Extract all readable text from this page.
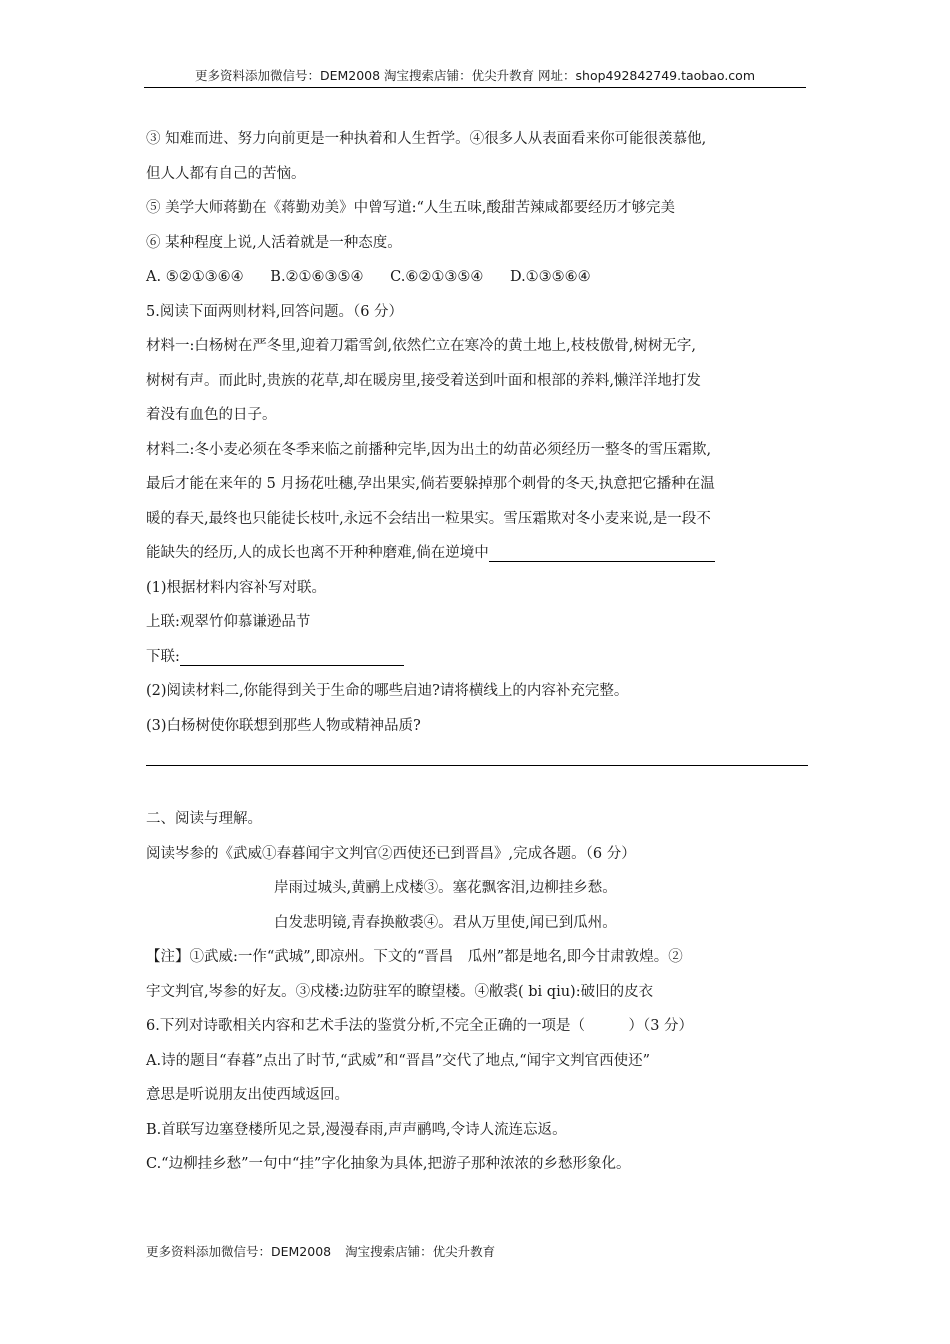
更多资料添加微信号：DEM2008 淘宝搜索店铺：优尖升教育 网址：shop492842749.taobao.com
③ 知难而进、努力向前更是一种执着和人生哲学。④很多人从表面看来你可能很羡慕他,
但人人都有自己的苦恼。
⑤ 美学大师蒋勤在《蒋勤劝美》中曾写道:“人生五味,酸甜苦辣咸都要经历才够完美
⑥ 某种程度上说,人活着就是一种态度。
A. ⑤②①③⑥④ B.②①⑥③⑤④ C.⑥②①③⑤④ D.①③⑤⑥④
5.阅读下面两则材料,回答问题。（6 分）
材料一:白杨树在严冬里,迎着刀霜雪剑,依然伫立在寒冷的黄土地上,枝枝傲骨,树树无字,
树树有声。而此时,贵族的花草,却在暖房里,接受着送到叶面和根部的养料,懒洋洋地打发
着没有血色的日子。
材料二:冬小麦必须在冬季来临之前播种完毕,因为出土的幼苗必须经历一整冬的雪压霜欺,
最后才能在来年的 5 月扬花吐穗,孕出果实,倘若要躲掉那个刺骨的冬天,执意把它播种在温
暖的春天,最终也只能徒长枝叶,永远不会结出一粒果实。雪压霜欺对冬小麦来说,是一段不
能缺失的经历,人的成长也离不开种种磨难,倘在逆境中
(1)根据材料内容补写对联。
上联:观翠竹仰慕谦逊品节
下联:
(2)阅读材料二,你能得到关于生命的哪些启迪?请将横线上的内容补充完整。
(3)白杨树使你联想到那些人物或精神品质?
二、阅读与理解。
阅读岑参的《武威①春暮闻宇文判官②西使还已到晋昌》,完成各题。（6 分）
岸雨过城头,黄鹂上戍楼③。塞花飘客泪,边柳挂乡愁。
白发悲明镜,青春换敝裘④。君从万里使,闻已到瓜州。
【注】①武威:一作“武城”,即凉州。下文的“晋昌　瓜州”都是地名,即今甘肃敦煌。②
宇文判官,岑参的好友。③戍楼:边防驻军的瞭望楼。④敝裘( bi qiu):破旧的皮衣
6.下列对诗歌相关内容和艺术手法的鉴赏分析,不完全正确的一项是（　　　）（3 分）
A.诗的题目“春暮”点出了时节,“武威”和“晋昌”交代了地点,“闻宇文判官西使还”
意思是听说朋友出使西域返回。
B.首联写边塞登楼所见之景,漫漫春雨,声声鹂鸣,令诗人流连忘返。
C.“边柳挂乡愁”一句中“挂”字化抽象为具体,把游子那种浓浓的乡愁形象化。
更多资料添加微信号：DEM2008 淘宝搜索店铺：优尖升教育
